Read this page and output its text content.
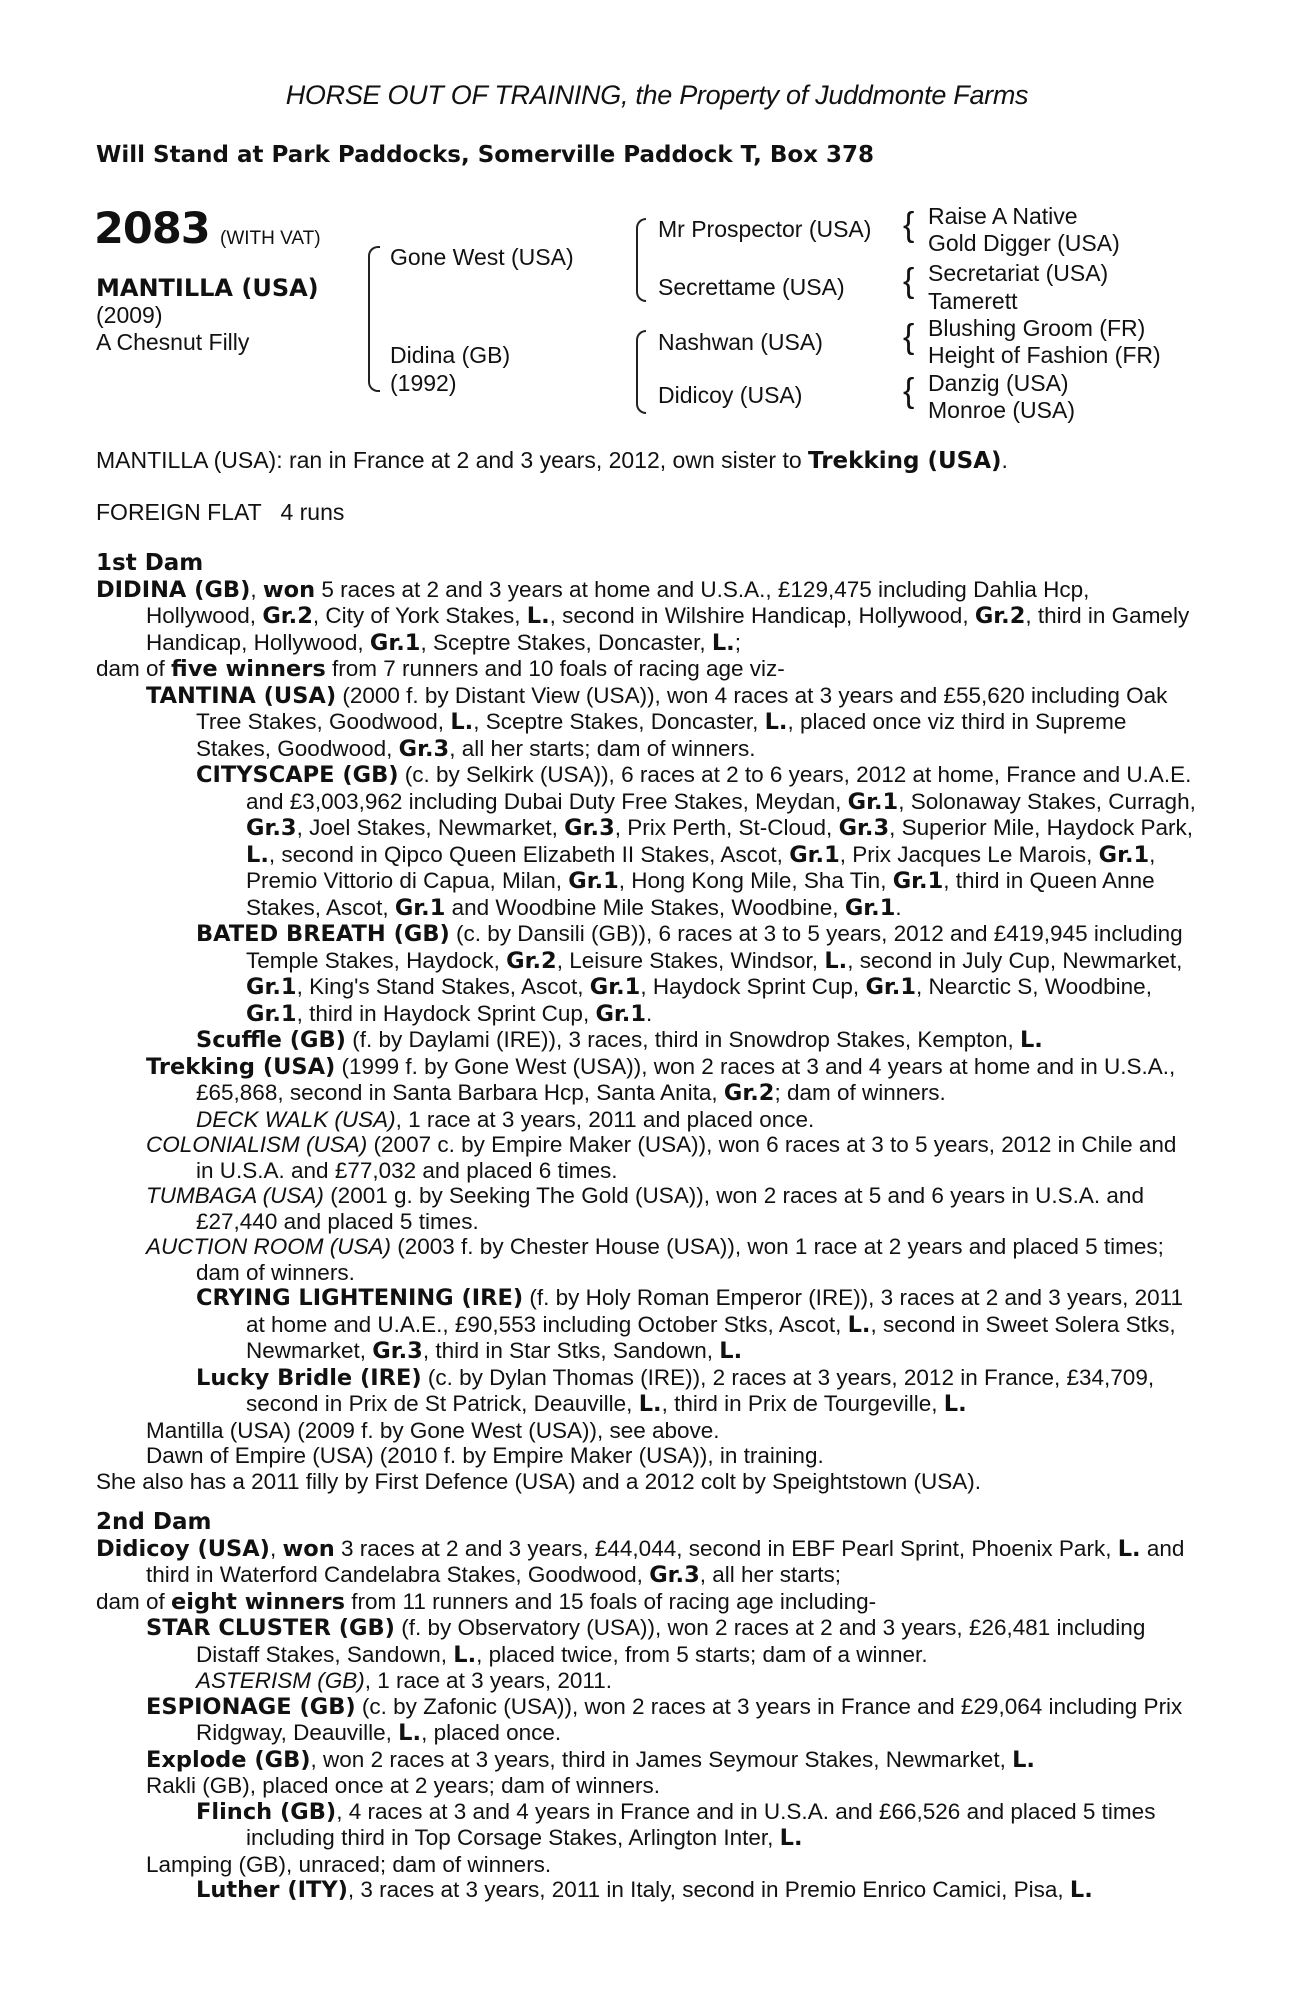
HORSE OUT OF TRAINING, the Property of Juddmonte Farms
Will Stand at Park Paddocks, Somerville Paddock T, Box 378
2083 (WITH VAT)
MANTILLA (USA)
(2009)
A Chesnut Filly
Gone West (USA)
Didina (GB)
(1992)
Mr Prospector (USA)
Secrettame (USA)
Nashwan (USA)
Didicoy (USA)
{ Raise A Native
Gold Digger (USA)
{ Secretariat (USA)
Tamerett
{ Blushing Groom (FR)
Height of Fashion (FR)
{ Danzig (USA)
Monroe (USA)
MANTILLA (USA): ran in France at 2 and 3 years, 2012, own sister to Trekking (USA).
FOREIGN FLAT   4 runs

1st Dam

DIDINA (GB), won 5 races at 2 and 3 years at home and U.S.A., £129,475 including Dahlia Hcp, Hollywood, Gr.2, City of York Stakes, L., second in Wilshire Handicap, Hollywood, Gr.2, third in Gamely Handicap, Hollywood, Gr.1, Sceptre Stakes, Doncaster, L.;

dam of five winners from 7 runners and 10 foals of racing age viz-

TANTINA (USA) (2000 f. by Distant View (USA)), won 4 races at 3 years and £55,620 including Oak Tree Stakes, Goodwood, L., Sceptre Stakes, Doncaster, L., placed once viz third in Supreme Stakes, Goodwood, Gr.3, all her starts; dam of winners.

CITYSCAPE (GB) (c. by Selkirk (USA)), 6 races at 2 to 6 years, 2012 at home, France and U.A.E. and £3,003,962 including Dubai Duty Free Stakes, Meydan, Gr.1, Solonaway Stakes, Curragh, Gr.3, Joel Stakes, Newmarket, Gr.3, Prix Perth, St-Cloud, Gr.3, Superior Mile, Haydock Park, L., second in Qipco Queen Elizabeth II Stakes, Ascot, Gr.1, Prix Jacques Le Marois, Gr.1, Premio Vittorio di Capua, Milan, Gr.1, Hong Kong Mile, Sha Tin, Gr.1, third in Queen Anne Stakes, Ascot, Gr.1 and Woodbine Mile Stakes, Woodbine, Gr.1.

BATED BREATH (GB) (c. by Dansili (GB)), 6 races at 3 to 5 years, 2012 and £419,945 including Temple Stakes, Haydock, Gr.2, Leisure Stakes, Windsor, L., second in July Cup, Newmarket, Gr.1, King's Stand Stakes, Ascot, Gr.1, Haydock Sprint Cup, Gr.1, Nearctic S, Woodbine, Gr.1, third in Haydock Sprint Cup, Gr.1.

Scuffle (GB) (f. by Daylami (IRE)), 3 races, third in Snowdrop Stakes, Kempton, L.

Trekking (USA) (1999 f. by Gone West (USA)), won 2 races at 3 and 4 years at home and in U.S.A., £65,868, second in Santa Barbara Hcp, Santa Anita, Gr.2; dam of winners.

DECK WALK (USA), 1 race at 3 years, 2011 and placed once.

COLONIALISM (USA) (2007 c. by Empire Maker (USA)), won 6 races at 3 to 5 years, 2012 in Chile and in U.S.A. and £77,032 and placed 6 times.

TUMBAGA (USA) (2001 g. by Seeking The Gold (USA)), won 2 races at 5 and 6 years in U.S.A. and £27,440 and placed 5 times.

AUCTION ROOM (USA) (2003 f. by Chester House (USA)), won 1 race at 2 years and placed 5 times; dam of winners.

CRYING LIGHTENING (IRE) (f. by Holy Roman Emperor (IRE)), 3 races at 2 and 3 years, 2011 at home and U.A.E., £90,553 including October Stks, Ascot, L., second in Sweet Solera Stks, Newmarket, Gr.3, third in Star Stks, Sandown, L.

Lucky Bridle (IRE) (c. by Dylan Thomas (IRE)), 2 races at 3 years, 2012 in France, £34,709, second in Prix de St Patrick, Deauville, L., third in Prix de Tourgeville, L.

Mantilla (USA) (2009 f. by Gone West (USA)), see above.

Dawn of Empire (USA) (2010 f. by Empire Maker (USA)), in training.

She also has a 2011 filly by First Defence (USA) and a 2012 colt by Speightstown (USA).

2nd Dam

Didicoy (USA), won 3 races at 2 and 3 years, £44,044, second in EBF Pearl Sprint, Phoenix Park, L. and third in Waterford Candelabra Stakes, Goodwood, Gr.3, all her starts;

dam of eight winners from 11 runners and 15 foals of racing age including-

STAR CLUSTER (GB) (f. by Observatory (USA)), won 2 races at 2 and 3 years, £26,481 including Distaff Stakes, Sandown, L., placed twice, from 5 starts; dam of a winner.

ASTERISM (GB), 1 race at 3 years, 2011.

ESPIONAGE (GB) (c. by Zafonic (USA)), won 2 races at 3 years in France and £29,064 including Prix Ridgway, Deauville, L., placed once.

Explode (GB), won 2 races at 3 years, third in James Seymour Stakes, Newmarket, L.

Rakli (GB), placed once at 2 years; dam of winners.

Flinch (GB), 4 races at 3 and 4 years in France and in U.S.A. and £66,526 and placed 5 times including third in Top Corsage Stakes, Arlington Inter, L.

Lamping (GB), unraced; dam of winners.

Luther (ITY), 3 races at 3 years, 2011 in Italy, second in Premio Enrico Camici, Pisa, L.
